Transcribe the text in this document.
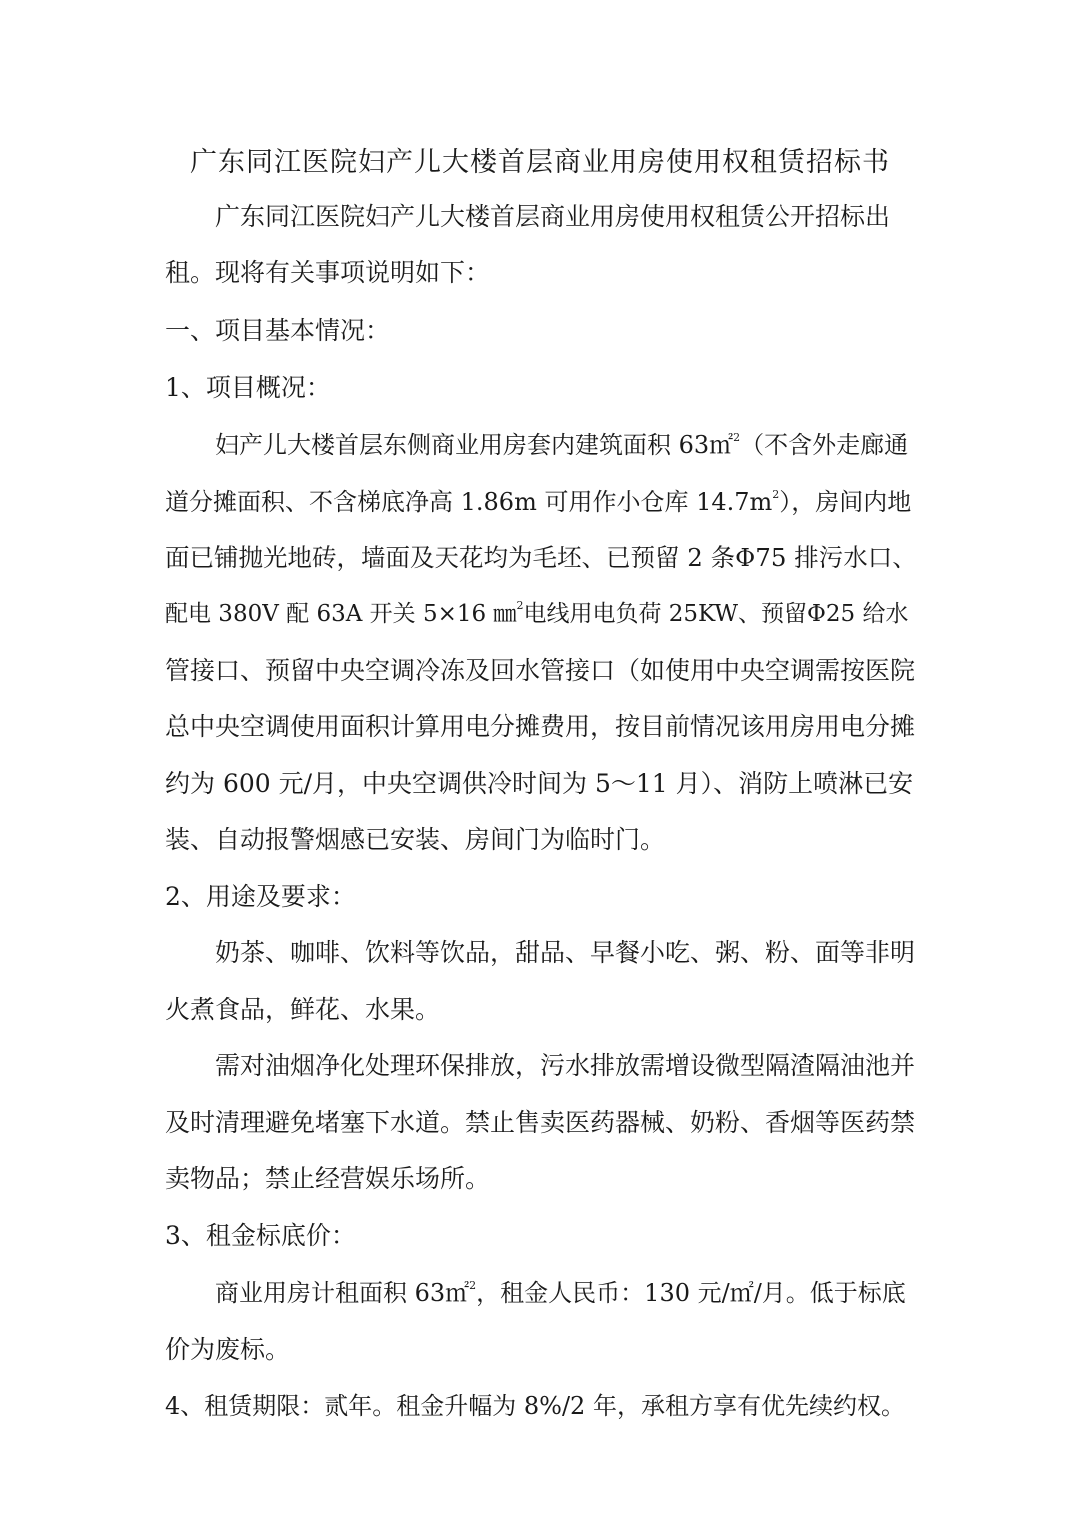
广东同江医院妇产儿大楼首层商业用房使用权租赁招标书
广东同江医院妇产儿大楼首层商业用房使用权租赁公开招标出
租。现将有关事项说明如下：
一、项目基本情况：
1、项目概况：
妇产儿大楼首层东侧商业用房套内建筑面积 63㎡$^2$（不含外走廊通
道分摊面积、不含梯底净高 1.86m 可用作小仓库 $14.7m^2$），房间内地
面已铺抛光地砖，墙面及天花均为毛坯、已预留 2 条Φ75 排污水口、
配电 380V 配 63A 开关 5×16 ㎜$^2$电线用电负荷 25KW、预留Φ25 给水
管接口、预留中央空调冷冻及回水管接口（如使用中央空调需按医院
总中央空调使用面积计算用电分摊费用，按目前情况该用房用电分摊
约为 600 元/月，中央空调供冷时间为 5～11 月）、消防上喷淋已安
装、自动报警烟感已安装、房间门为临时门。
2、用途及要求：
奶茶、咖啡、饮料等饮品，甜品、早餐小吃、粥、粉、面等非明
火煮食品，鲜花、水果。
需对油烟净化处理环保排放，污水排放需增设微型隔渣隔油池并
及时清理避免堵塞下水道。禁止售卖医药器械、奶粉、香烟等医药禁
卖物品；禁止经营娱乐场所。
3、租金标底价：
商业用房计租面积 63㎡$^2$，租金人民币：130 元/㎡/月。低于标底
价为废标。
4、租赁期限：贰年。租金升幅为 8%/2 年，承租方享有优先续约权。
